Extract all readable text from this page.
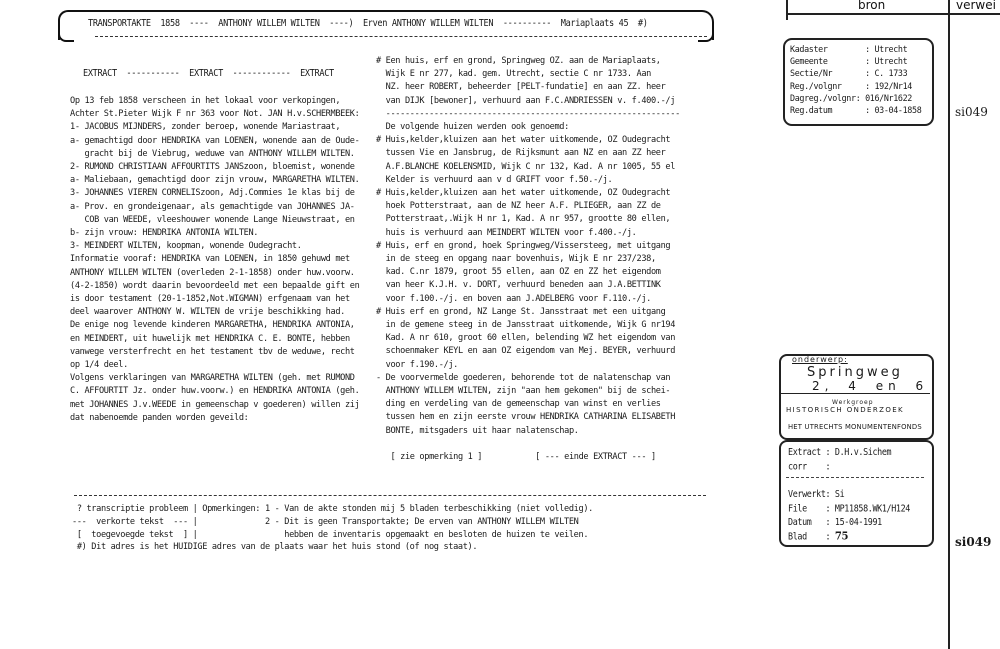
TRANSPORTAKTE  1858  ----  ANTHONY WILLEM WILTEN  ----)  Erven ANTHONY WILLEM WILTEN  ----------  Mariaplaats 45  #)
EXTRACT  -----------  EXTRACT  ------------  EXTRACT
Op 13 feb 1858 verscheen in het lokaal voor verkopingen,
Achter St.Pieter Wijk F nr 363 voor Not. JAN H.v.SCHERMBEEK:
1- JACOBUS MIJNDERS, zonder beroep, wonende Mariastraat,
a- gemachtigd door HENDRIKA van LOENEN, wonende aan de Oude-
gracht bij de Viebrug, weduwe van ANTHONY WILLEM WILTEN.
2- RUMOND CHRISTIAAN AFFOURTITS JANSzoon, bloemist, wonende
a- Maliebaan, gemachtigd door zijn vrouw, MARGARETHA WILTEN.
3- JOHANNES VIEREN CORNELISzoon, Adj.Commies 1e klas bij de
a- Prov. en grondeigenaar, als gemachtigde van JOHANNES JA-
COB van WEEDE, vleeshouwer wonende Lange Nieuwstraat, en
b- zijn vrouw: HENDRIKA ANTONIA WILTEN.
3- MEINDERT WILTEN, koopman, wonende Oudegracht.
Informatie vooraf: HENDRIKA van LOENEN, in 1850 gehuwd met
ANTHONY WILLEM WILTEN (overleden 2-1-1858) onder huw.voorw.
(4-2-1850) wordt daarin bevoordeeld met een bepaalde gift en
is door testament (20-1-1852,Not.WIGMAN) erfgenaam van het
deel waarover ANTHONY W. WILTEN de vrije beschikking had.
De enige nog levende kinderen MARGARETHA, HENDRIKA ANTONIA,
en MEINDERT, uit huwelijk met HENDRIKA C. E. BONTE, hebben
vanwege versterfrecht en het testament tbv de weduwe, recht
op 1/4 deel.
Volgens verklaringen van MARGARETHA WILTEN (geh. met RUMOND
C. AFFOURTIT Jz. onder huw.voorw.) en HENDRIKA ANTONIA (geh.
met JOHANNES J.v.WEEDE in gemeenschap v goederen) willen zij
dat nabenoemde panden worden geveild:
# Een huis, erf en grond, Springweg OZ. aan de Mariaplaats,
Wijk E nr 277, kad. gem. Utrecht, sectie C nr 1733. Aan
NZ. heer ROBERT, beheerder [PELT-fundatie] en aan ZZ. heer
van DIJK [bewoner], verhuurd aan F.C.ANDRIESSEN v. f.400.-/j
-------------------------------------------------------------
De volgende huizen werden ook genoemd:
# Huis,kelder,kluizen aan het water uitkomende, OZ Oudegracht
tussen Vie en Jansbrug, de Rijksmunt aan NZ en aan ZZ heer
A.F.BLANCHE KOELENSMID, Wijk C nr 132, Kad. A nr 1005, 55 el
Kelder is verhuurd aan v d GRIFT voor f.50.-/j.
# Huis,kelder,kluizen aan het water uitkomende, OZ Oudegracht
hoek Potterstraat, aan de NZ heer A.F. PLIEGER, aan ZZ de
Potterstraat,.Wijk H nr 1, Kad. A nr 957, grootte 80 ellen,
huis is verhuurd aan MEINDERT WILTEN voor f.400.-/j.
# Huis, erf en grond, hoek Springweg/Vissersteeg, met uitgang
in de steeg en opgang naar bovenhuis, Wijk E nr 237/238,
kad. C.nr 1879, groot 55 ellen, aan OZ en ZZ het eigendom
van heer K.J.H. v. DORT, verhuurd beneden aan J.A.BETTINK
voor f.100.-/j. en boven aan J.ADELBERG voor F.110.-/j.
# Huis erf en grond, NZ Lange St. Jansstraat met een uitgang
in de gemene steeg in de Jansstraat uitkomende, Wijk G nr194
Kad. A nr 610, groot 60 ellen, belending WZ het eigendom van
schoenmaker KEYL en aan OZ eigendom van Mej. BEYER, verhuurd
voor f.190.-/j.
- De voorvermelde goederen, behorende tot de nalatenschap van
ANTHONY WILLEM WILTEN, zijn "aan hem gekomen" bij de schei-
ding en verdeling van de gemeenschap van winst en verlies
tussen hem en zijn eerste vrouw HENDRIKA CATHARINA ELISABETH
BONTE, mitsgaders uit haar nalatenschap.

[ zie opmerking 1 ]           [ --- einde EXTRACT --- ]
? transcriptie probleem | Opmerkingen: 1 - Van de akte stonden mij 5 bladen terbeschikking (niet volledig).
---  verkorte tekst  --- |              2 - Dit is geen Transportakte; De erven van ANTHONY WILLEM WILTEN
[  toegevoegde tekst  ] |                  hebben de inventaris opgemaakt en besloten de huizen te veilen.
#) Dit adres is het HUIDIGE adres van de plaats waar het huis stond (of nog staat).
bron	verwei
Kadaster        : Utrecht
Gemeente        : Utrecht
Sectie/Nr       : C. 1733
Reg./volgnr     : 192/Nr14
Dagreg./volgnr: 016/Nr1622
Reg.datum       : 03-04-1858	si049
si049
onderwerp:
Springweg
2, 4 en 6
Werkgroep
HISTORISCH ONDERZOEK
HET UTRECHTS MONUMENTENFONDS
Extract : D.H.v.Sichem
corr    :
Verwerkt: Si
File    : MP11858.WK1/H124
Datum   : 15-04-1991
Blad    : 75
